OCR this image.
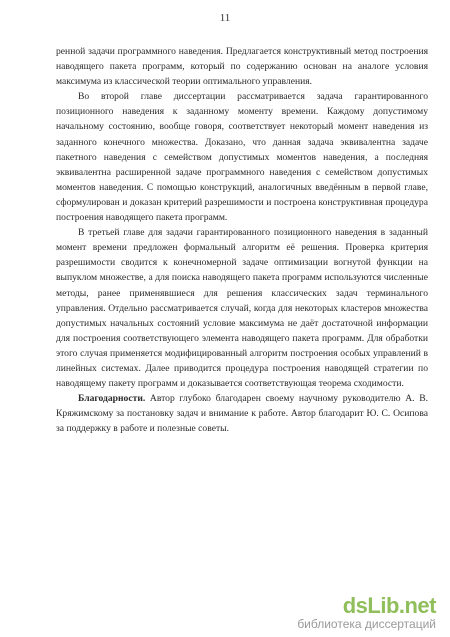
11

ренной задачи программного наведения. Предлагается конструктивный метод построения наводящего пакета программ, который по содержанию основан на аналоге условия максимума из классической теории оптимального управления.

Во второй главе диссертации рассматривается задача гарантированного позиционного наведения к заданному моменту времени. Каждому допустимому начальному состоянию, вообще говоря, соответствует некоторый момент наведения из заданного конечного множества. Доказано, что данная задача эквивалентна задаче пакетного наведения с семейством допустимых моментов наведения, а последняя эквивалентна расширенной задаче программного наведения с семейством допустимых моментов наведения. С помощью конструкций, аналогичных введённым в первой главе, сформулирован и доказан критерий разрешимости и построена конструктивная процедура построения наводящего пакета программ.

В третьей главе для задачи гарантированного позиционного наведения в заданный момент времени предложен формальный алгоритм её решения. Проверка критерия разрешимости сводится к конечномерной задаче оптимизации вогнутой функции на выпуклом множестве, а для поиска наводящего пакета программ используются численные методы, ранее применявшиеся для решения классических задач терминального управления. Отдельно рассматривается случай, когда для некоторых кластеров множества допустимых начальных состояний условие максимума не даёт достаточной информации для построения соответствующего элемента наводящего пакета программ. Для обработки этого случая применяется модифицированный алгоритм построения особых управлений в линейных системах. Далее приводится процедура построения наводящей стратегии по наводящему пакету программ и доказывается соответствующая теорема сходимости.

Благодарности. Автор глубоко благодарен своему научному руководителю А. В. Кряжимскому за постановку задач и внимание к работе. Автор благодарит Ю. С. Осипова за поддержку в работе и полезные советы.

dsLib.net
библиотека диссертаций
